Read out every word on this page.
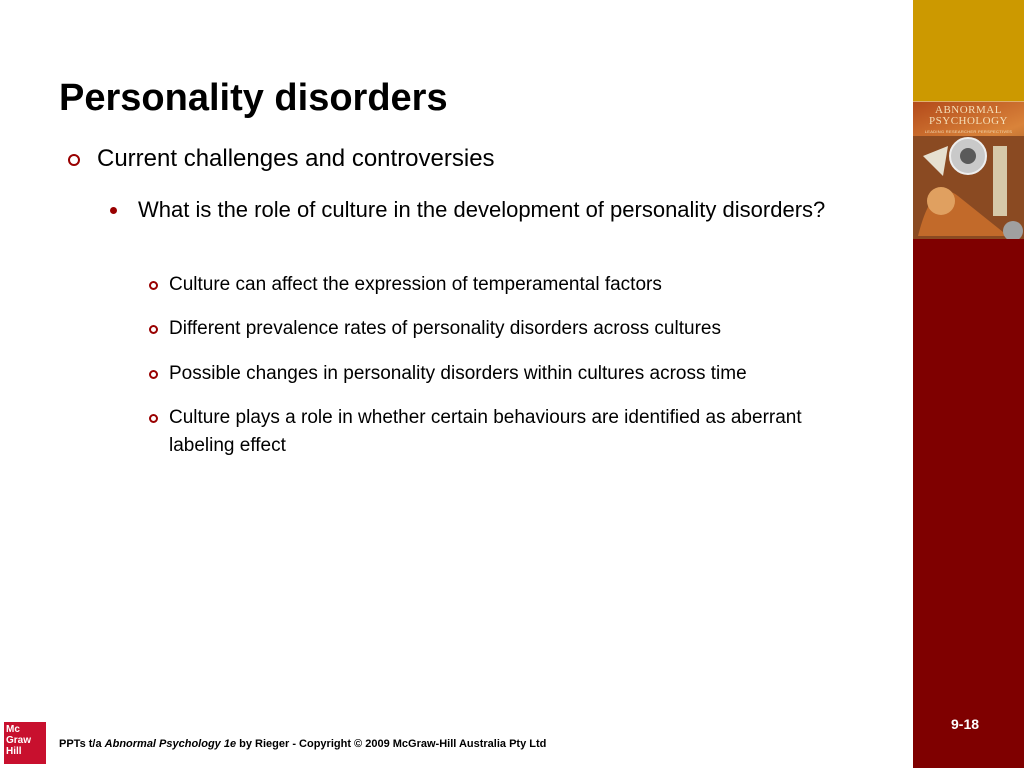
ABNORMAL
PSYCHOLOGY
LEADING RESEARCHER PERSPECTIVES
9-18
Personality disorders
Current challenges and controversies
What is the role of culture in the development of personality disorders?
Culture can affect the expression of temperamental factors
Different prevalence rates of personality disorders across cultures
Possible changes in personality disorders within cultures across time
Culture plays a role in whether certain behaviours are identified as aberrant labeling effect
Mc
Graw
Hill
PPTs t/a Abnormal Psychology 1e by Rieger - Copyright © 2009 McGraw-Hill Australia Pty Ltd
